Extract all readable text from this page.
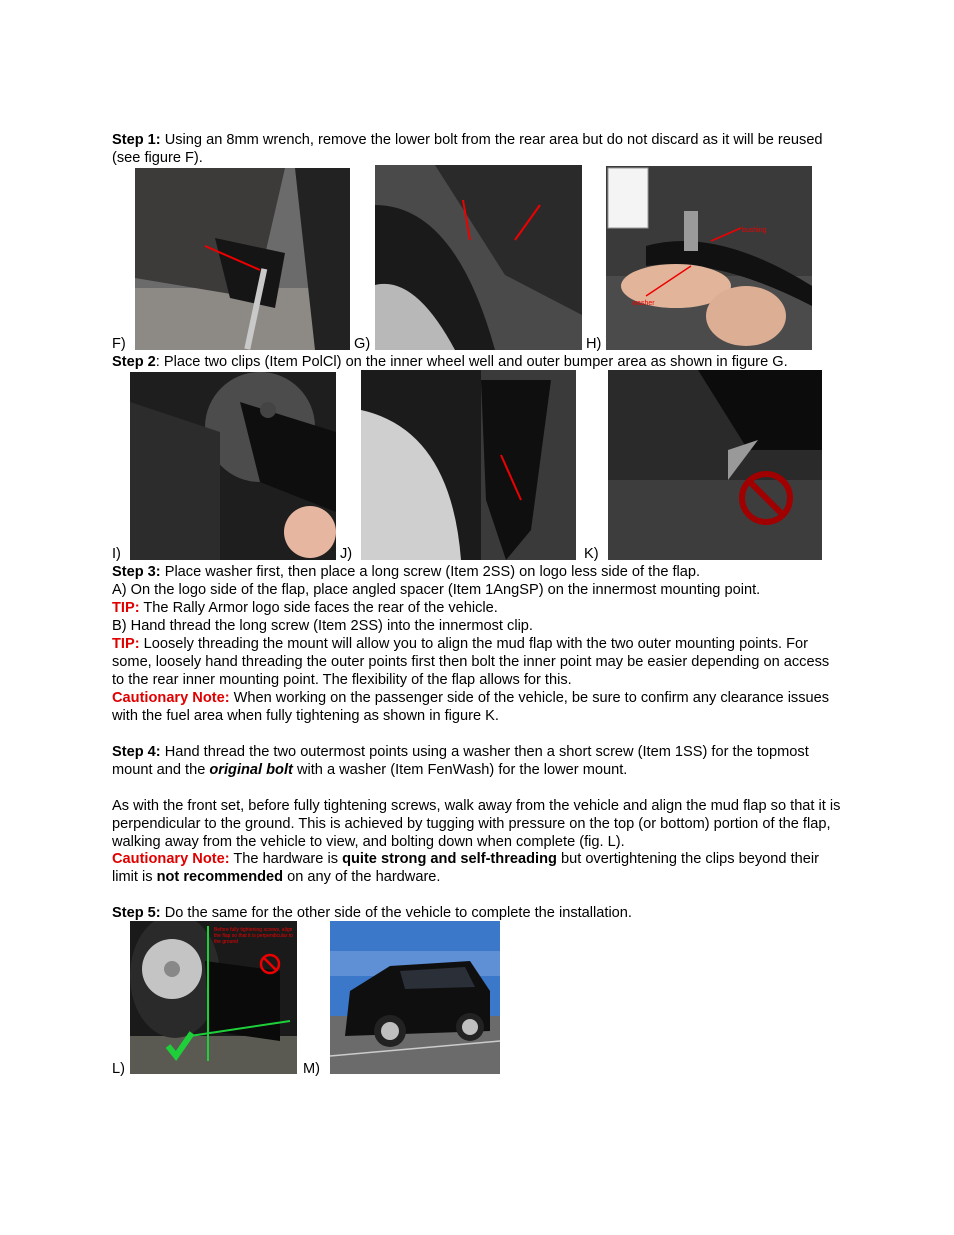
Step 1: Using an 8mm wrench, remove the lower bolt from the rear area but do not discard as it will be reused (see figure F).

F)	G)	H)
bushing
washer

Step 2: Place two clips (Item PolCl) on the inner wheel well and outer bumper area as shown in figure G.

I)	J)	K)

Step 3: Place washer first, then place a long screw (Item 2SS) on logo less side of the flap.

A) On the logo side of the flap, place angled spacer (Item 1AngSP) on the innermost mounting point.

TIP: The Rally Armor logo side faces the rear of the vehicle.

B) Hand thread the long screw (Item 2SS) into the innermost clip.

TIP: Loosely threading the mount will allow you to align the mud flap with the two outer mounting points. For some, loosely hand threading the outer points first then bolt the inner point may be easier depending on access to the rear inner mounting point. The flexibility of the flap allows for this.

Cautionary Note: When working on the passenger side of the vehicle, be sure to confirm any clearance issues with the fuel area when fully tightening as shown in figure K.

Step 4: Hand thread the two outermost points using a washer then a short screw (Item 1SS) for the topmost mount and the original bolt with a washer (Item FenWash) for the lower mount.

As with the front set, before fully tightening screws, walk away from the vehicle and align the mud flap so that it is perpendicular to the ground. This is achieved by tugging with pressure on the top (or bottom) portion of the flap, walking away from the vehicle to view, and bolting down when complete (fig. L).

Cautionary Note: The hardware is quite strong and self-threading but overtightening the clips beyond their limit is not recommended on any of the hardware.

Step 5: Do the same for the other side of the vehicle to complete the installation.

L)
Before fully tightening screws, align the flap so that it is perpendicular to the ground
M)
